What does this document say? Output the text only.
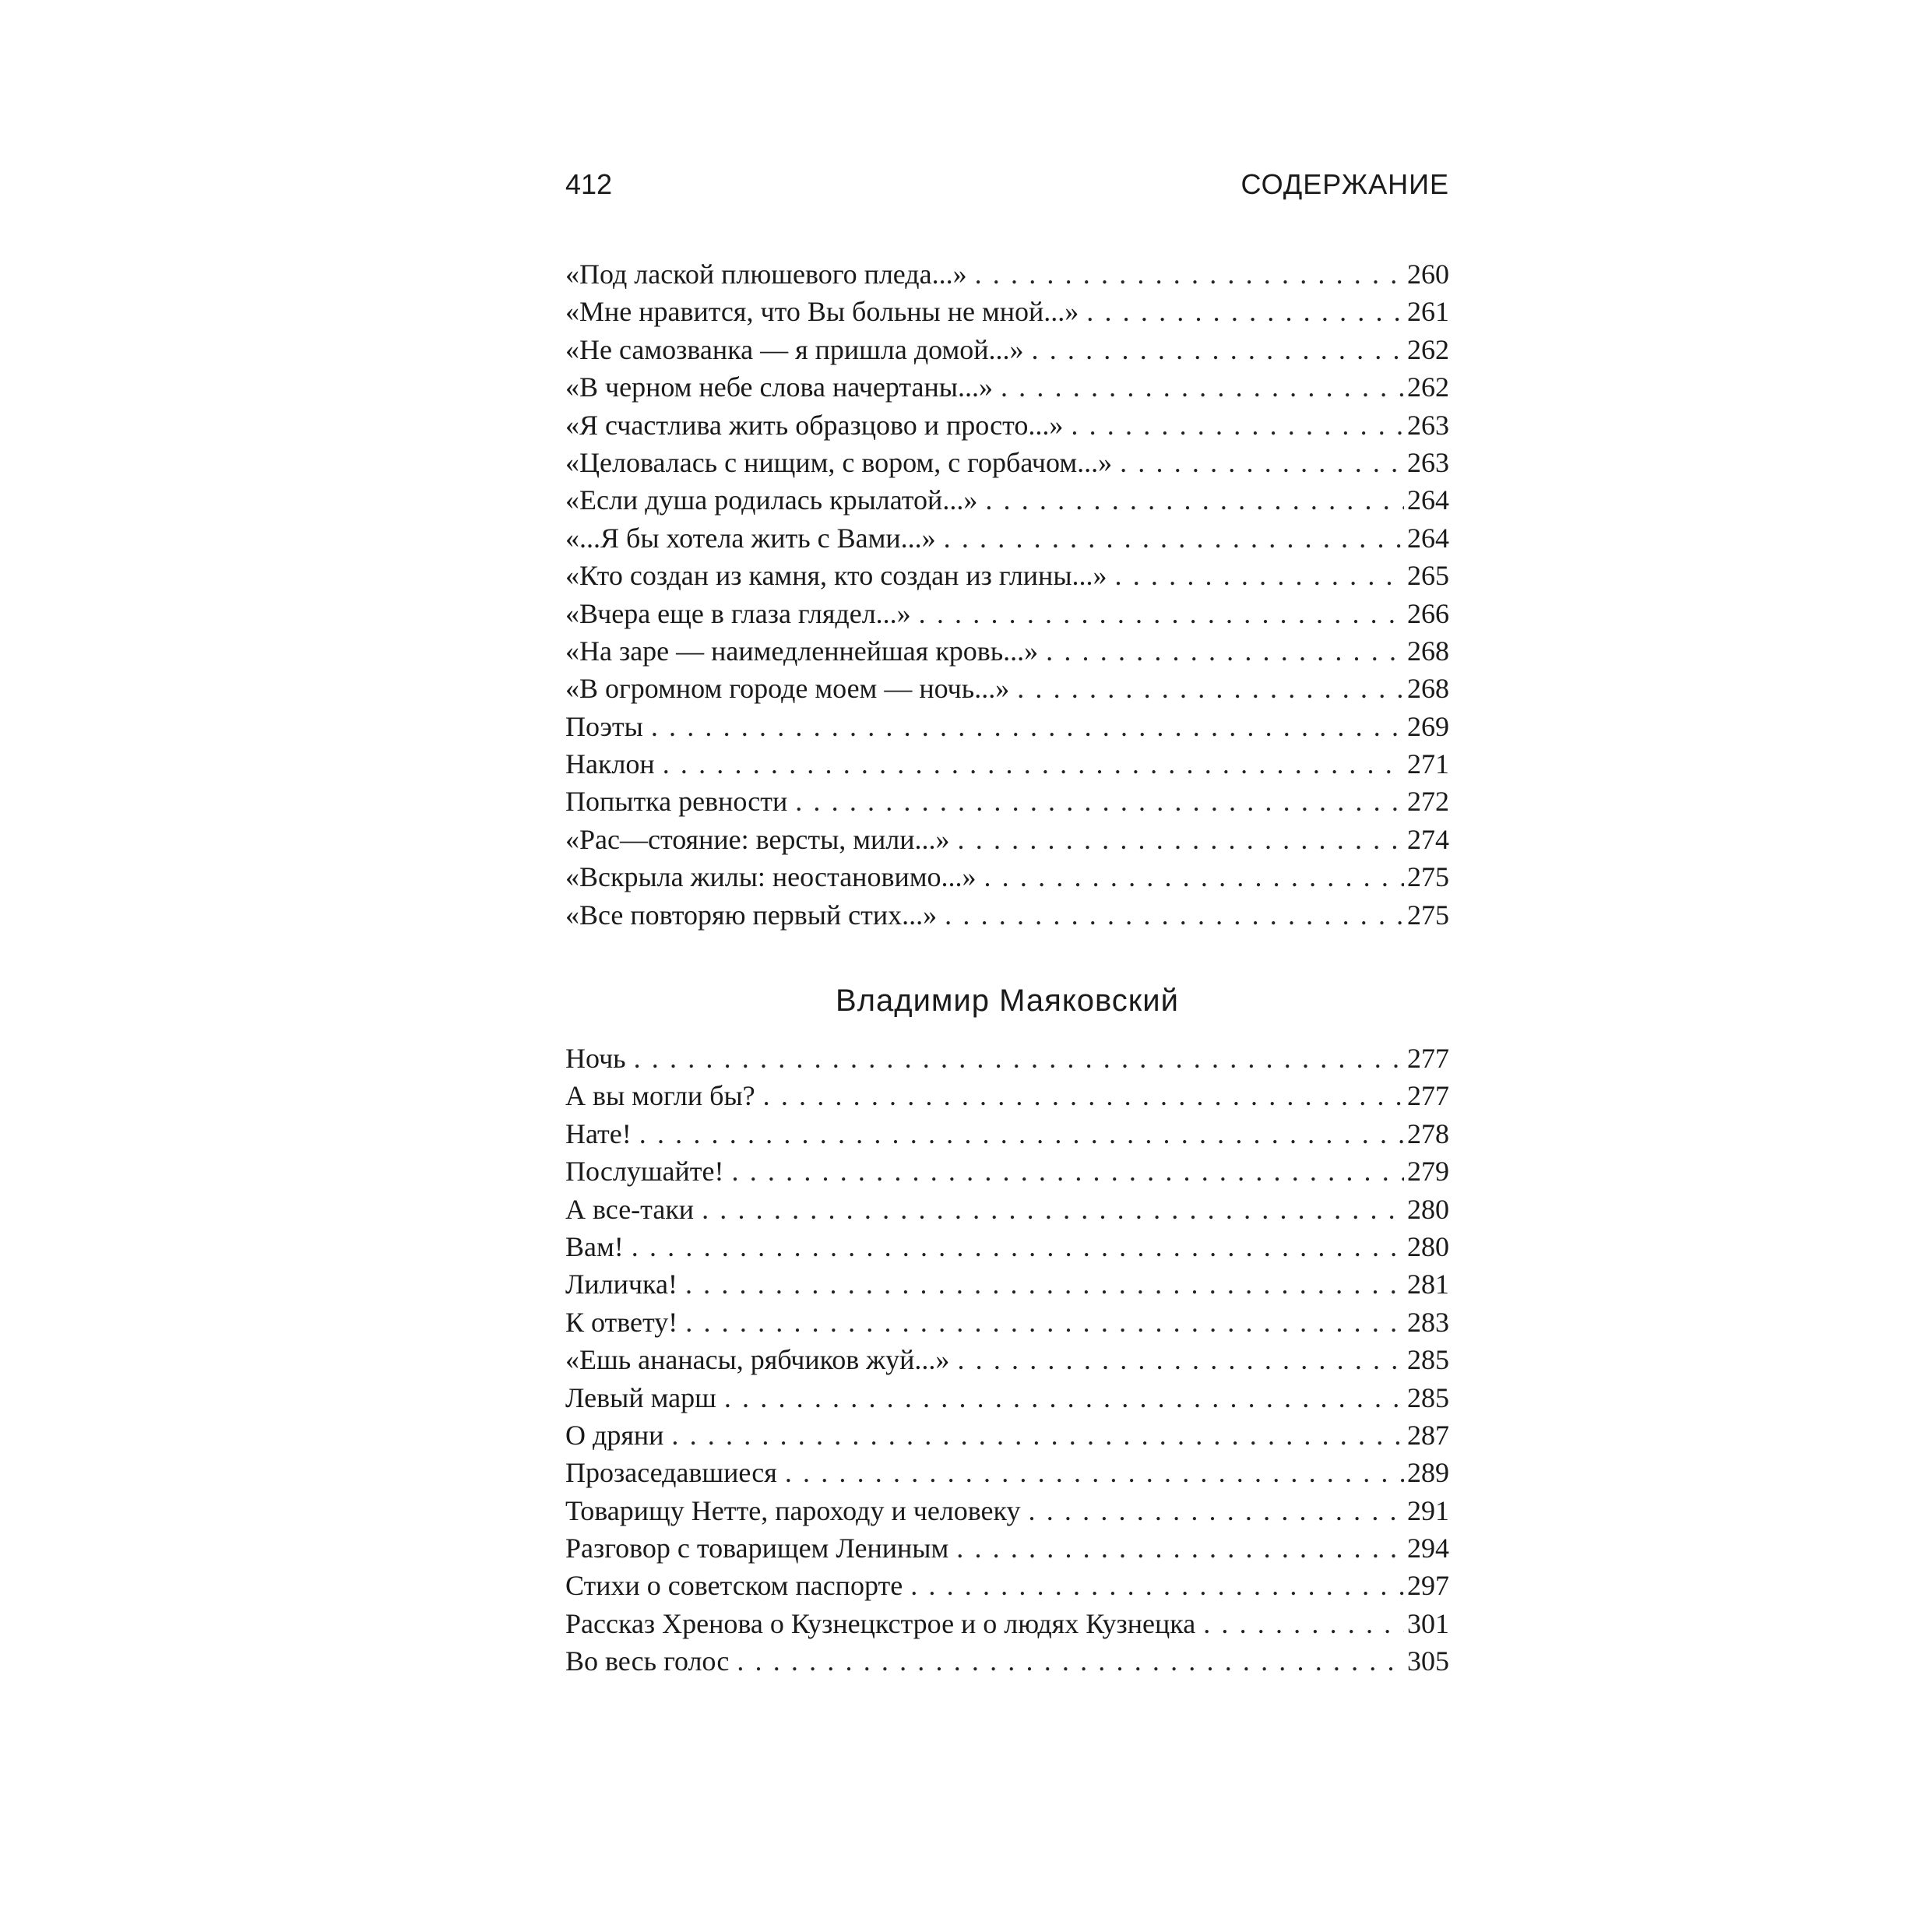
412	СОДЕРЖАНИЕ
«Под лаской плюшевого пледа...» . . .	260
«Мне нравится, что Вы больны не мной...» . . .	261
«Не самозванка — я пришла домой...» . . .	262
«В черном небе слова начертаны...» . . .	262
«Я счастлива жить образцово и просто...» . . .	263
«Целовалась с нищим, с вором, с горбачом...» . . .	263
«Если душа родилась крылатой...» . . .	264
«...Я бы хотела жить с Вами...» . . .	264
«Кто создан из камня, кто создан из глины...» . . .	265
«Вчера еще в глаза глядел...» . . .	266
«На заре — наимедленнейшая кровь...» . . .	268
«В огромном городе моем — ночь...» . . .	268
Поэты . . .	269
Наклон . . .	271
Попытка ревности . . .	272
«Рас—стояние: версты, мили...» . . .	274
«Вскрыла жилы: неостановимо...» . . .	275
«Все повторяю первый стих...» . . .	275
Владимир Маяковский
Ночь . . .	277
А вы могли бы? . . .	277
Нате! . . .	278
Послушайте! . . .	279
А все-таки . . .	280
Вам! . . .	280
Лиличка! . . .	281
К ответу! . . .	283
«Ешь ананасы, рябчиков жуй...» . . .	285
Левый марш . . .	285
О дряни . . .	287
Прозаседавшиеся . . .	289
Товарищу Нетте, пароходу и человеку . . .	291
Разговор с товарищем Лениным . . .	294
Стихи о советском паспорте . . .	297
Рассказ Хренова о Кузнецкстрое и о людях Кузнецка . . .	301
Во весь голос . . .	305
